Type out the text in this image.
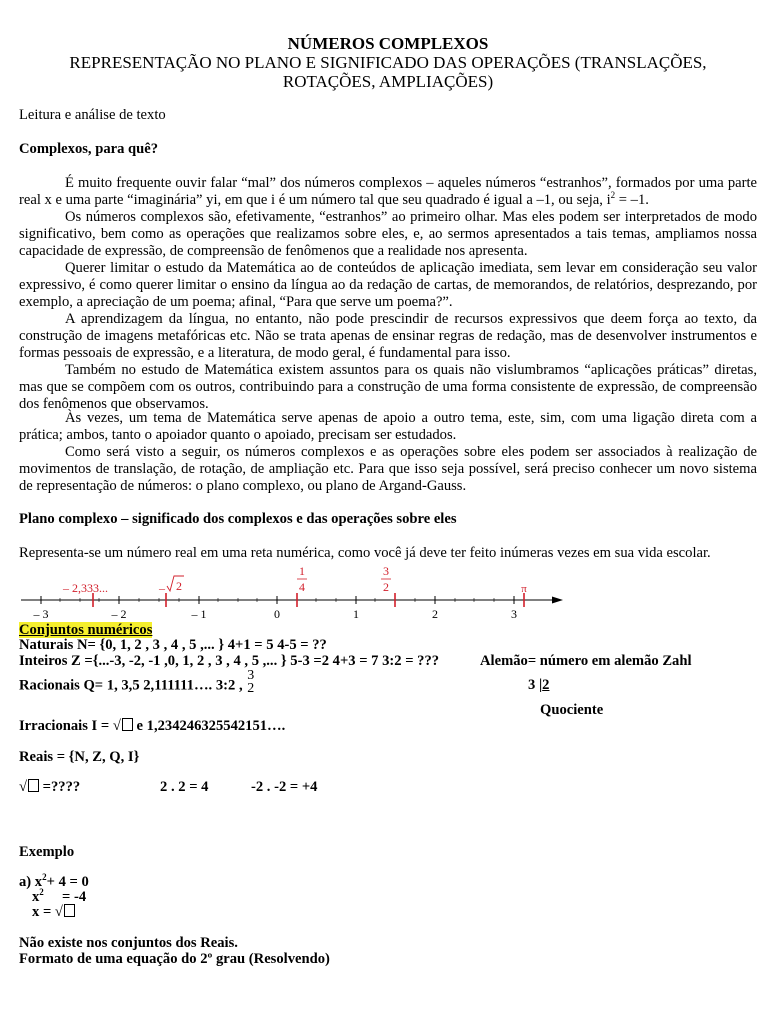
NÚMEROS COMPLEXOS
REPRESENTAÇÃO NO PLANO E SIGNIFICADO DAS OPERAÇÕES (TRANSLAÇÕES,
ROTAÇÕES, AMPLIAÇÕES)
Leitura e análise de texto
Complexos, para quê?
É muito frequente ouvir falar “mal” dos números complexos – aqueles números “estranhos”, formados por uma parte real x e uma parte “imaginária” yi, em que i é um número tal que seu quadrado é igual a –1, ou seja, $i^2 = -1$.
Os números complexos são, efetivamente, “estranhos” ao primeiro olhar. Mas eles podem ser interpretados de modo significativo, bem como as operações que realizamos sobre eles, e, ao sermos apresentados a tais temas, ampliamos nossa capacidade de expressão, de compreensão de fenômenos que a realidade nos apresenta.
Querer limitar o estudo da Matemática ao de conteúdos de aplicação imediata, sem levar em consideração seu valor expressivo, é como querer limitar o ensino da língua ao da redação de cartas, de memorandos, de relatórios, desprezando, por exemplo, a apreciação de um poema; afinal, “Para que serve um poema?”.
A aprendizagem da língua, no entanto, não pode prescindir de recursos expressivos que deem força ao texto, da construção de imagens metafóricas etc. Não se trata apenas de ensinar regras de redação, mas de desenvolver instrumentos e formas pessoais de expressão, e a literatura, de modo geral, é fundamental para isso.
Também no estudo de Matemática existem assuntos para os quais não vislumbramos “aplicações práticas” diretas, mas que se compõem com os outros, contribuindo para a construção de uma forma consistente de expressão, de compreensão dos fenômenos que observamos.
Às vezes, um tema de Matemática serve apenas de apoio a outro tema, este, sim, com uma ligação direta com a prática; ambos, tanto o apoiador quanto o apoiado, precisam ser estudados.
Como será visto a seguir, os números complexos e as operações sobre eles podem ser associados à realização de movimentos de translação, de rotação, de ampliação etc. Para que isso seja possível, será preciso conhecer um novo sistema de representação de números: o plano complexo, ou plano de Argand-Gauss.
Plano complexo – significado dos complexos e das operações sobre eles
Representa-se um número real em uma reta numérica, como você já deve ter feito inúmeras vezes em sua vida escolar.
– 3	– 2	– 1	0	1	2	3
– 2,333...	– 2
1
4
3
2	π
Conjuntos numéricos
Naturais N= {0, 1, 2 , 3 , 4 , 5 ,... } 4+1 = 5 4-5 = ??
Inteiros Z ={...-3, -2, -1 ,0, 1, 2 , 3 , 4 , 5 ,... } 5-3 =2 4+3 = 7 3:2 = ???	Alemão= número em alemão Zahl
Racionais Q= 1, 3,5 2,111111…. 3:2 ,
3
2	3 |2
Quociente
Irracionais I = √ e 1,234246325542151….
Reais = {N, Z, Q, I}
√ =????	2 . 2 = 4	-2 . -2 = +4
Exemplo
a) $x^2+ 4 = 0$
$x^2$     = -4
x = √
Não existe nos conjuntos dos Reais.
Formato de uma equação do 2º grau (Resolvendo)
